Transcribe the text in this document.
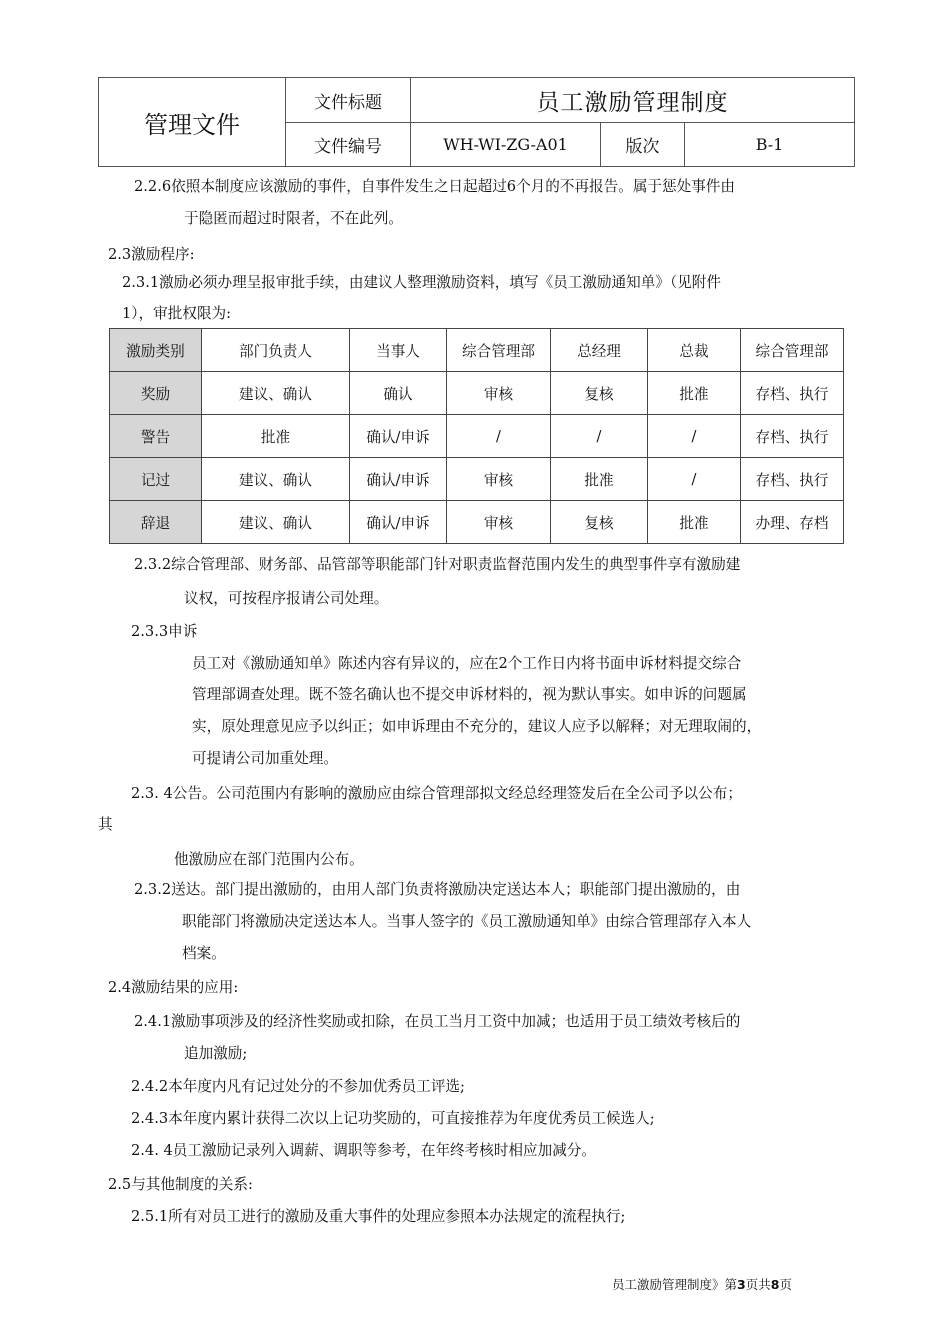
管理文件	文件标题	员工激励管理制度		
	文件编号	WH-WI-ZG-A01	版次	B-1

2.2.6依照本制度应该激励的事件，自事件发生之日起超过6个月的不再报告。属于惩处事件由

于隐匿而超过时限者，不在此列。

2.3激励程序:

2.3.1激励必须办理呈报审批手续，由建议人整理激励资料，填写《员工激励通知单》（见附件

1），审批权限为:

激励类别	部门负责人	当事人	综合管理部	总经理	总裁	综合管理部
奖励	建议、确认	确认	审核	复核	批准	存档、执行
警告	批准	确认/申诉	/	/	/	存档、执行
记过	建议、确认	确认/申诉	审核	批准	/	存档、执行
辞退	建议、确认	确认/申诉	审核	复核	批准	办理、存档

2.3.2综合管理部、财务部、品管部等职能部门针对职责监督范围内发生的典型事件享有激励建

议权，可按程序报请公司处理。

2.3.3申诉

员工对《激励通知单》陈述内容有异议的，应在2个工作日内将书面申诉材料提交综合

管理部调查处理。既不签名确认也不提交申诉材料的，视为默认事实。如申诉的问题属

实，原处理意见应予以纠正；如申诉理由不充分的，建议人应予以解释；对无理取闹的，

可提请公司加重处理。

2.3. 4公告。公司范围内有影响的激励应由综合管理部拟文经总经理签发后在全公司予以公布；

其

他激励应在部门范围内公布。

2.3.2送达。部门提出激励的，由用人部门负责将激励决定送达本人；职能部门提出激励的，由

职能部门将激励决定送达本人。当事人签字的《员工激励通知单》由综合管理部存入本人

档案。

2.4激励结果的应用:

2.4.1激励事项涉及的经济性奖励或扣除，在员工当月工资中加减；也适用于员工绩效考核后的

追加激励;

2.4.2本年度内凡有记过处分的不参加优秀员工评选;

2.4.3本年度内累计获得二次以上记功奖励的，可直接推荐为年度优秀员工候选人;

2.4. 4员工激励记录列入调薪、调职等参考，在年终考核时相应加减分。

2.5与其他制度的关系:

2.5.1所有对员工进行的激励及重大事件的处理应参照本办法规定的流程执行;

员工激励管理制度》第3页共8页
